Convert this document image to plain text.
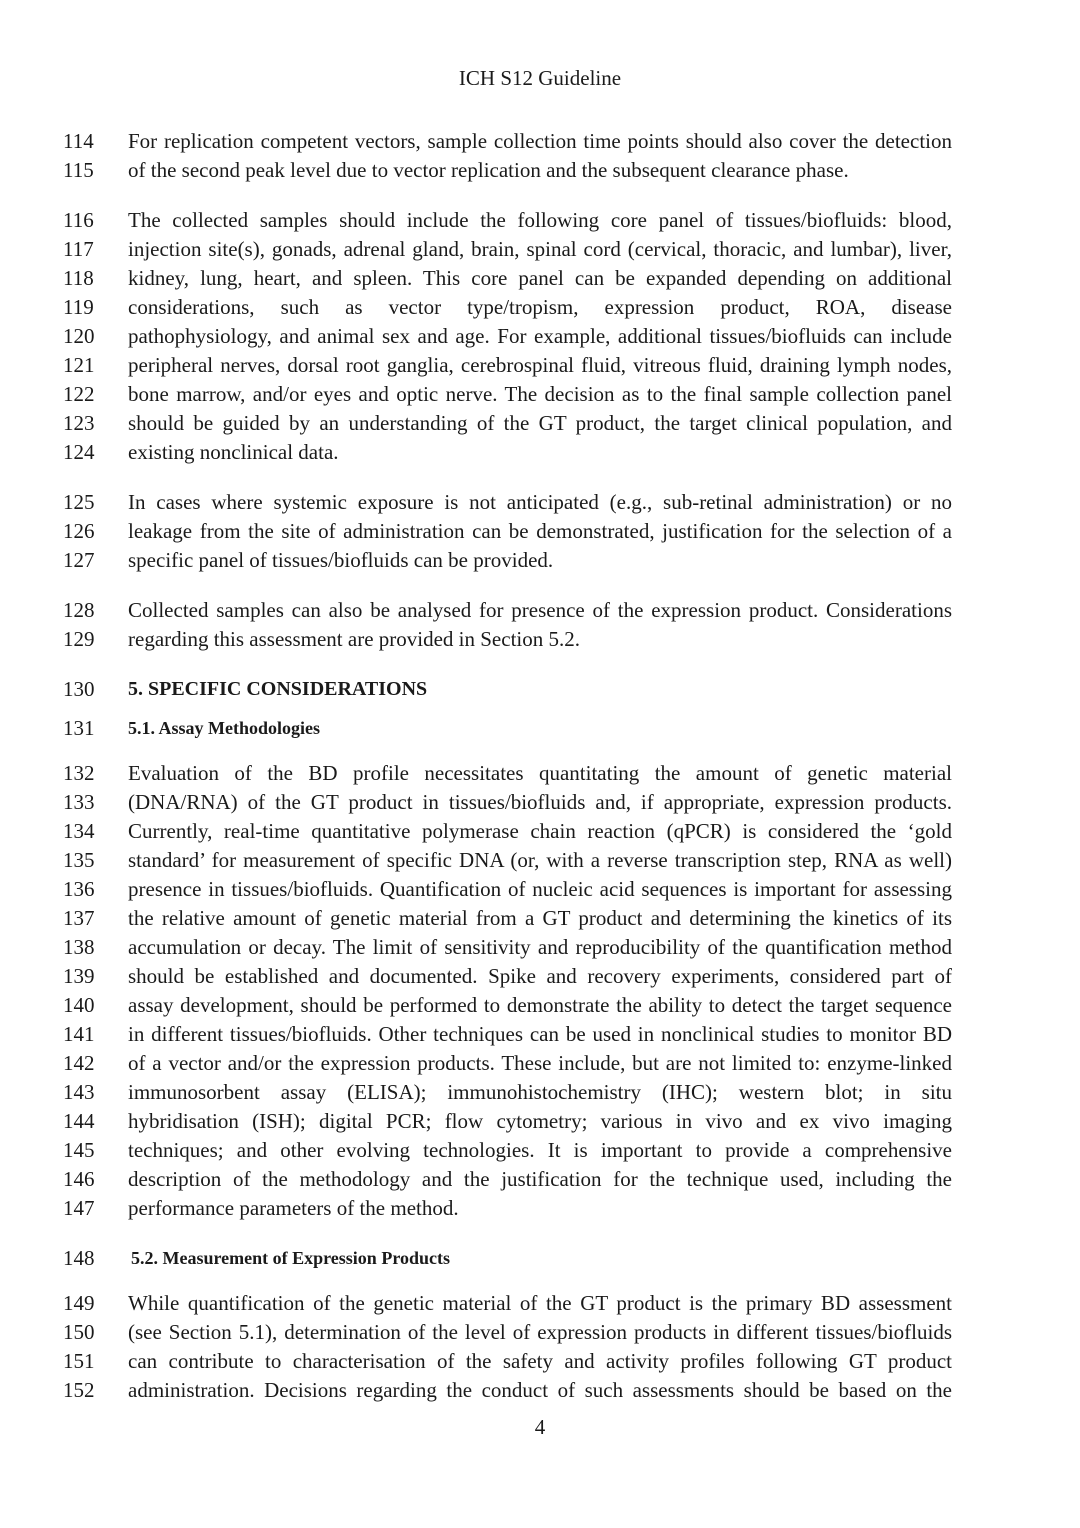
ICH S12 Guideline
114	For replication competent vectors, sample collection time points should also cover the detection
115	of the second peak level due to vector replication and the subsequent clearance phase.
116	The collected samples should include the following core panel of tissues/biofluids: blood,
117	injection site(s), gonads, adrenal gland, brain, spinal cord (cervical, thoracic, and lumbar), liver,
118	kidney, lung, heart, and spleen. This core panel can be expanded depending on additional
119	considerations, such as vector type/tropism, expression product, ROA, disease
120	pathophysiology, and animal sex and age. For example, additional tissues/biofluids can include
121	peripheral nerves, dorsal root ganglia, cerebrospinal fluid, vitreous fluid, draining lymph nodes,
122	bone marrow, and/or eyes and optic nerve. The decision as to the final sample collection panel
123	should be guided by an understanding of the GT product, the target clinical population, and
124	existing nonclinical data.
125	In cases where systemic exposure is not anticipated (e.g., sub-retinal administration) or no
126	leakage from the site of administration can be demonstrated, justification for the selection of a
127	specific panel of tissues/biofluids can be provided.
128	Collected samples can also be analysed for presence of the expression product. Considerations
129	regarding this assessment are provided in Section 5.2.
130	5. SPECIFIC CONSIDERATIONS
131	5.1. Assay Methodologies
132	Evaluation of the BD profile necessitates quantitating the amount of genetic material
133	(DNA/RNA) of the GT product in tissues/biofluids and, if appropriate, expression products.
134	Currently, real-time quantitative polymerase chain reaction (qPCR) is considered the ‘gold
135	standard’ for measurement of specific DNA (or, with a reverse transcription step, RNA as well)
136	presence in tissues/biofluids. Quantification of nucleic acid sequences is important for assessing
137	the relative amount of genetic material from a GT product and determining the kinetics of its
138	accumulation or decay. The limit of sensitivity and reproducibility of the quantification method
139	should be established and documented. Spike and recovery experiments, considered part of
140	assay development, should be performed to demonstrate the ability to detect the target sequence
141	in different tissues/biofluids. Other techniques can be used in nonclinical studies to monitor BD
142	of a vector and/or the expression products. These include, but are not limited to: enzyme-linked
143	immunosorbent assay (ELISA); immunohistochemistry (IHC); western blot; in situ
144	hybridisation (ISH); digital PCR; flow cytometry; various in vivo and ex vivo imaging
145	techniques; and other evolving technologies. It is important to provide a comprehensive
146	description of the methodology and the justification for the technique used, including the
147	performance parameters of the method.
148	5.2. Measurement of Expression Products
149	While quantification of the genetic material of the GT product is the primary BD assessment
150	(see Section 5.1), determination of the level of expression products in different tissues/biofluids
151	can contribute to characterisation of the safety and activity profiles following GT product
152	administration. Decisions regarding the conduct of such assessments should be based on the
4
